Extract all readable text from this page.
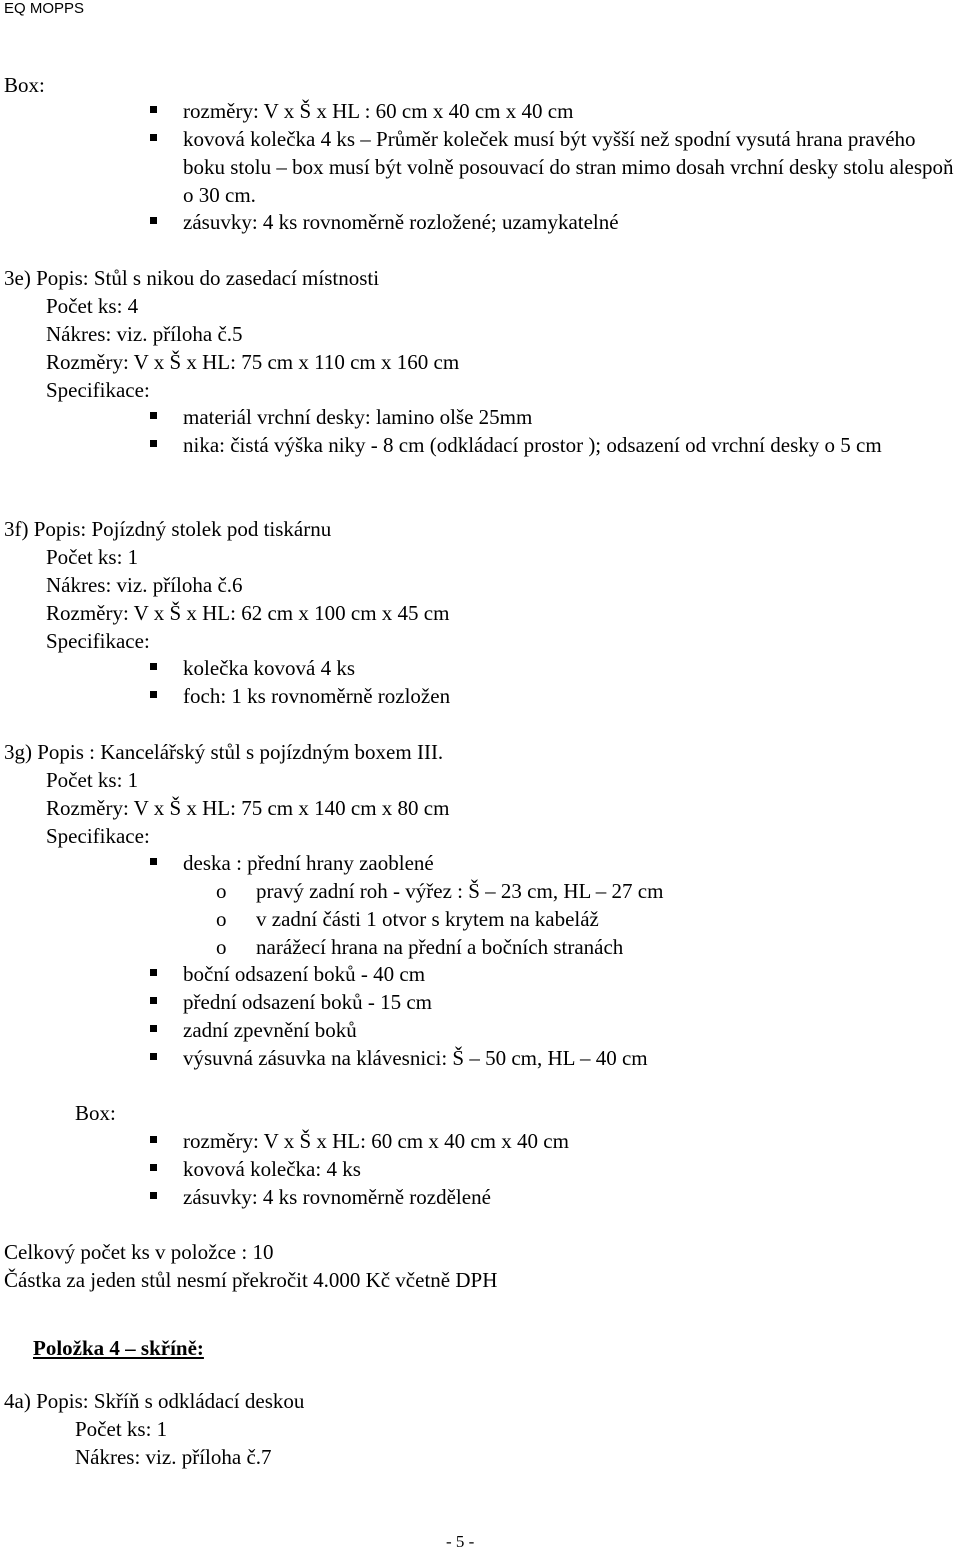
EQ MOPPS
Box:
rozměry: V x Š x HL : 60 cm x 40 cm x 40 cm
kovová kolečka 4 ks – Průměr koleček musí být vyšší než spodní vysutá hrana pravého boku stolu – box musí být volně posouvací do stran mimo dosah vrchní desky stolu alespoň o 30 cm.
zásuvky: 4 ks rovnoměrně rozložené; uzamykatelné
3e) Popis: Stůl s nikou do zasedací místnosti
Počet ks: 4
Nákres: viz. příloha č.5
Rozměry: V x Š x HL: 75 cm x 110 cm x 160 cm
Specifikace:
materiál vrchní desky: lamino olše 25mm
nika: čistá výška niky - 8 cm (odkládací prostor ); odsazení od vrchní desky o 5 cm
3f) Popis: Pojízdný stolek pod tiskárnu
Počet ks: 1
Nákres: viz. příloha č.6
Rozměry: V x Š x HL: 62 cm x 100 cm x 45 cm
Specifikace:
kolečka kovová 4 ks
foch: 1 ks rovnoměrně rozložen
3g) Popis : Kancelářský stůl s pojízdným boxem III.
Počet ks: 1
Rozměry: V x Š x HL: 75 cm x 140 cm x 80 cm
Specifikace:
deska : přední hrany zaoblené
o pravý zadní roh - výřez : Š – 23 cm, HL – 27 cm
o v zadní části 1 otvor s krytem na kabeláž
o narážecí hrana na přední a bočních stranách
boční odsazení boků - 40 cm
přední odsazení boků - 15 cm
zadní zpevnění boků
výsuvná zásuvka na klávesnici: Š – 50 cm, HL – 40 cm
Box:
rozměry: V x Š x HL: 60 cm x 40 cm x 40 cm
kovová kolečka: 4 ks
zásuvky: 4 ks rovnoměrně rozdělené
Celkový počet ks v položce : 10
Částka za jeden stůl nesmí překročit 4.000 Kč včetně DPH
Položka 4 – skříně:
4a) Popis: Skříň s odkládací deskou
Počet ks: 1
Nákres: viz. příloha č.7
- 5 -
